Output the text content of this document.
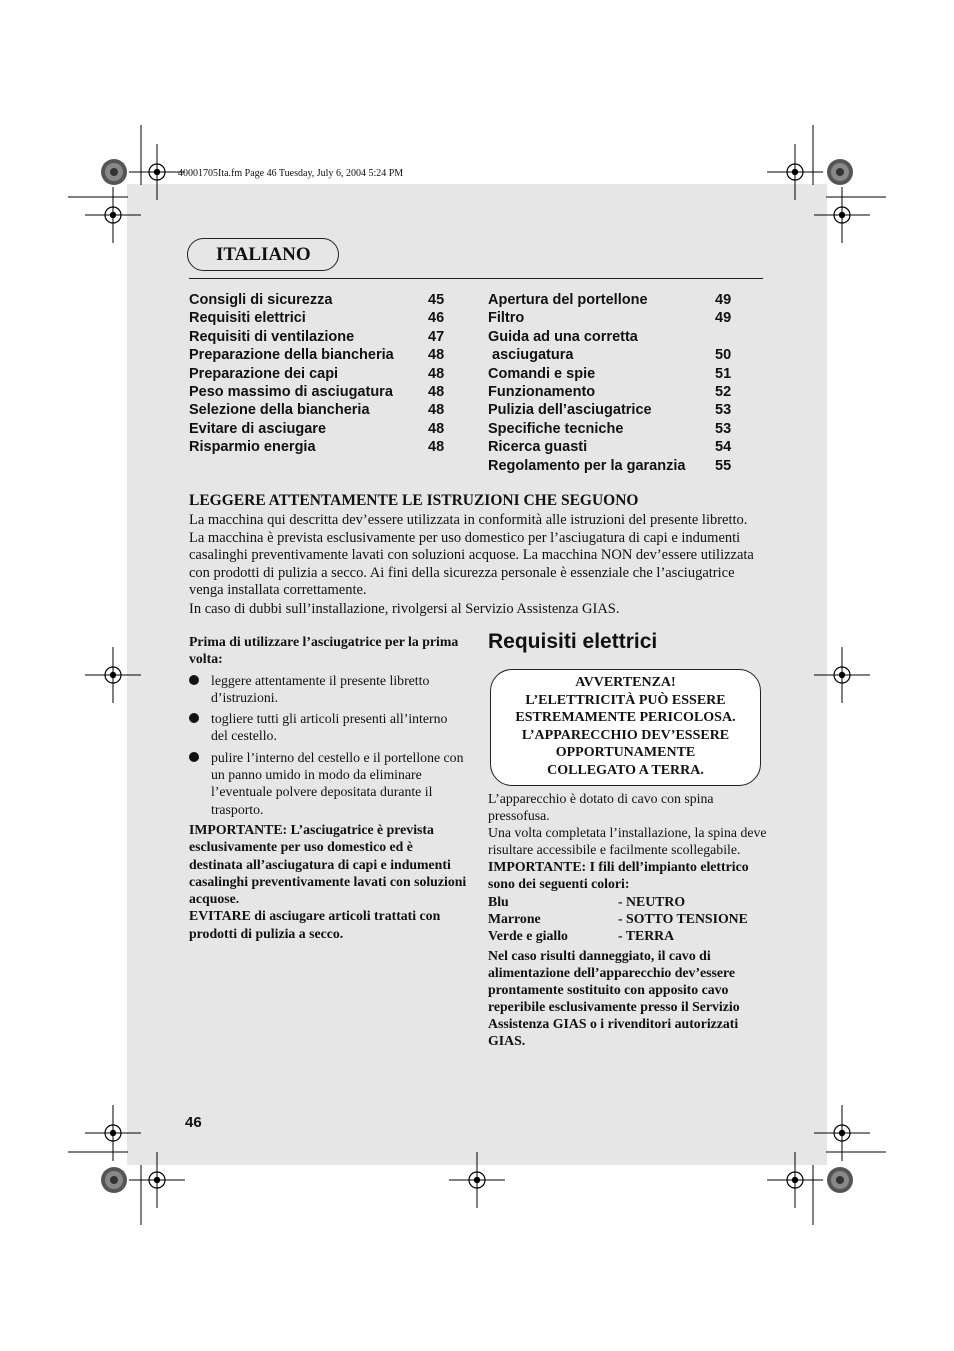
40001705Ita.fm Page 46 Tuesday, July 6, 2004 5:24 PM
ITALIANO
Consigli di sicurezza	45
Requisiti elettrici	46
Requisiti di ventilazione	47
Preparazione della biancheria 48
Preparazione dei capi	48
Peso massimo di asciugatura 48
Selezione della biancheria	48
Evitare di asciugare	48
Risparmio energia	48
Apertura del portellone	49
Filtro	49
Guida ad una corretta
asciugatura	50
Comandi e spie	51
Funzionamento	52
Pulizia dell’asciugatrice	53
Specifiche tecniche	53
Ricerca guasti	54
Regolamento per la garanzia 55
LEGGERE ATTENTAMENTE LE ISTRUZIONI CHE SEGUONO

La macchina qui descritta dev’essere utilizzata in conformità alle istruzioni del presente libretto. La macchina è prevista esclusivamente per uso domestico per l’asciugatura di capi e indumenti casalinghi preventivamente lavati con soluzioni acquose. La macchina NON dev’essere utilizzata con prodotti di pulizia a secco. Ai fini della sicurezza personale è essenziale che l’asciugatrice venga installata correttamente.

In caso di dubbi sull’installazione, rivolgersi al Servizio Assistenza GIAS.

Prima di utilizzare l’asciugatrice per la prima volta:

leggere attentamente il presente libretto d’istruzioni.
togliere tutti gli articoli presenti all’interno del cestello.
pulire l’interno del cestello e il portellone con un panno umido in modo da eliminare l’eventuale polvere depositata durante il trasporto.

IMPORTANTE: L’asciugatrice è prevista esclusivamente per uso domestico ed è destinata all’asciugatura di capi e indumenti casalinghi preventivamente lavati con soluzioni acquose.

EVITARE di asciugare articoli trattati con prodotti di pulizia a secco.

Requisiti elettrici
AVVERTENZA!
L’ELETTRICITÀ PUÒ ESSERE
ESTREMAMENTE PERICOLOSA.
L’APPARECCHIO DEV’ESSERE
OPPORTUNAMENTE
COLLEGATO A TERRA.

L’apparecchio è dotato di cavo con spina pressofusa.

Una volta completata l’installazione, la spina deve risultare accessibile e facilmente scollegabile.

IMPORTANTE: I fili dell’impianto elettrico sono dei seguenti colori:

Blu	- NEUTRO
Marrone	- SOTTO TENSIONE
Verde e giallo	- TERRA

Nel caso risulti danneggiato, il cavo di alimentazione dell’apparecchio dev’essere prontamente sostituito con apposito cavo reperibile esclusivamente presso il Servizio Assistenza GIAS o i rivenditori autorizzati GIAS.

46
